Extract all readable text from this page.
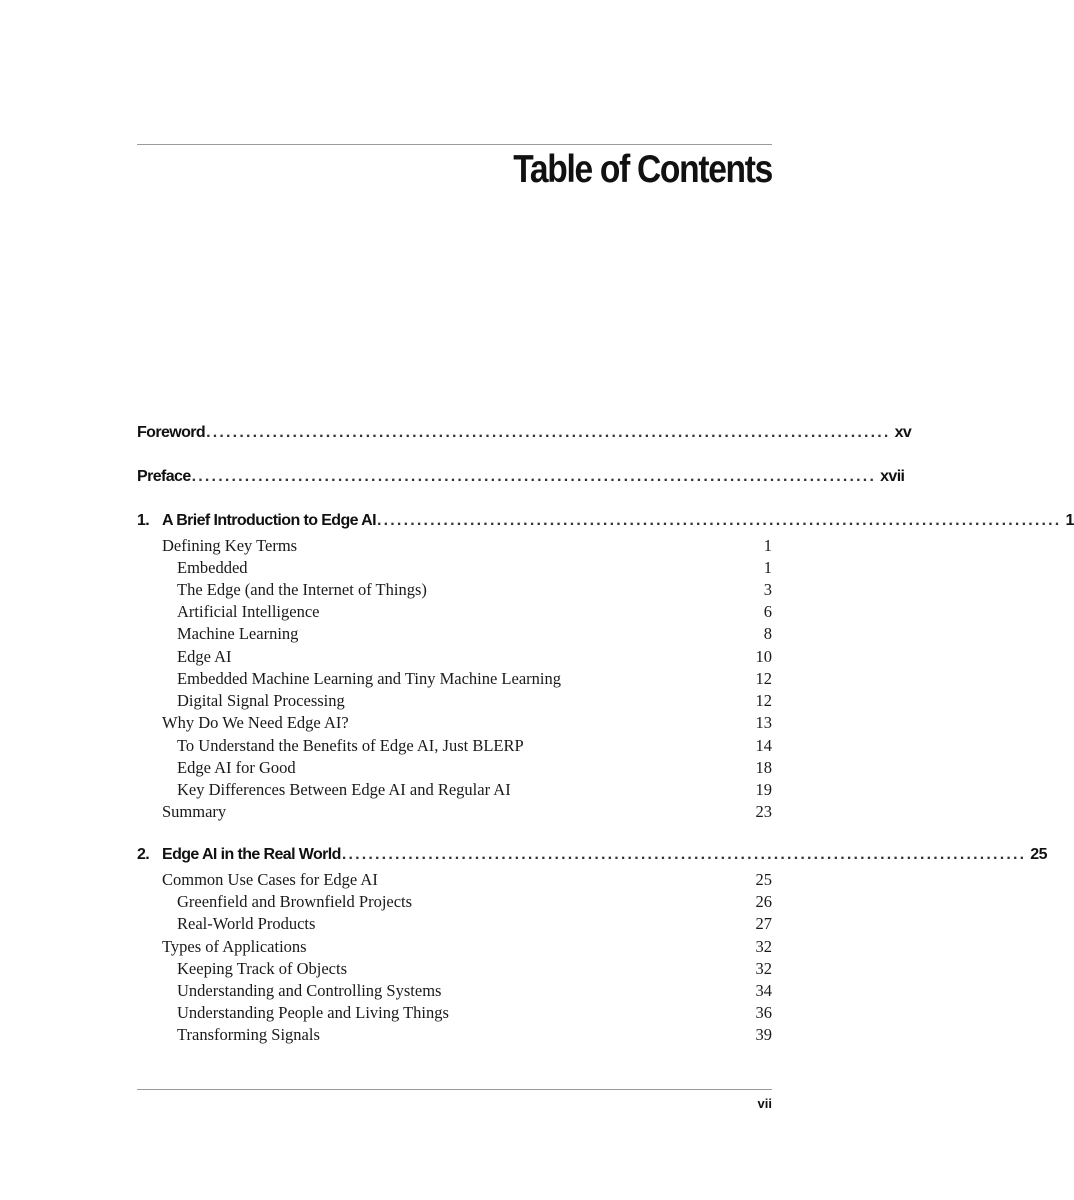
Table of Contents
Foreword ....................................................................................................... xv
Preface ....................................................................................................... xvii
1. A Brief Introduction to Edge AI ....................................................................................................... 1
Defining Key Terms	1
Embedded	1
The Edge (and the Internet of Things)	3
Artificial Intelligence	6
Machine Learning	8
Edge AI	10
Embedded Machine Learning and Tiny Machine Learning	12
Digital Signal Processing	12
Why Do We Need Edge AI?	13
To Understand the Benefits of Edge AI, Just BLERP	14
Edge AI for Good	18
Key Differences Between Edge AI and Regular AI	19
Summary	23
2. Edge AI in the Real World ....................................................................................................... 25
Common Use Cases for Edge AI	25
Greenfield and Brownfield Projects	26
Real-World Products	27
Types of Applications	32
Keeping Track of Objects	32
Understanding and Controlling Systems	34
Understanding People and Living Things	36
Transforming Signals	39
vii
